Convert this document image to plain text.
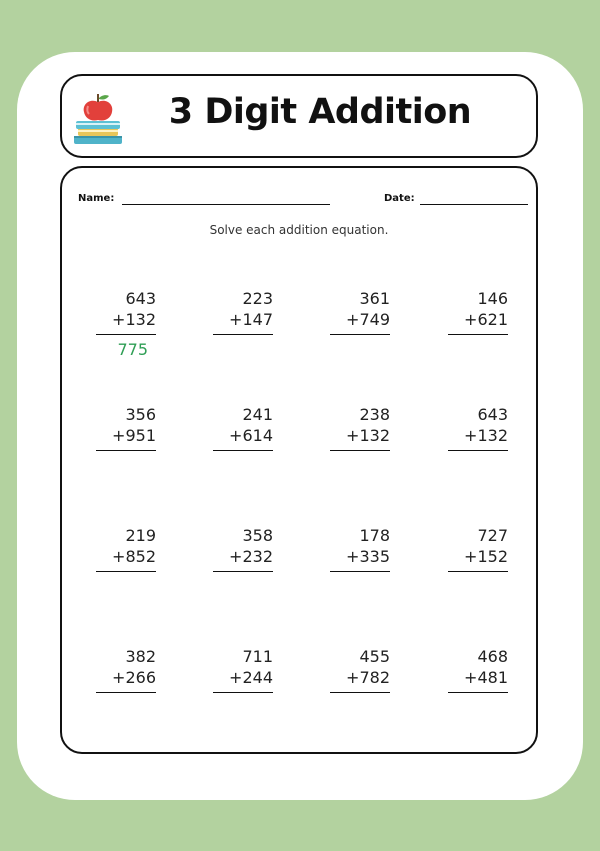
3 Digit Addition
Name:	Date:
Solve each addition equation.
643
+132
775
223
+147
361
+749
146
+621
356
+951
241
+614
238
+132
643
+132
219
+852
358
+232
178
+335
727
+152
382
+266
711
+244
455
+782
468
+481
